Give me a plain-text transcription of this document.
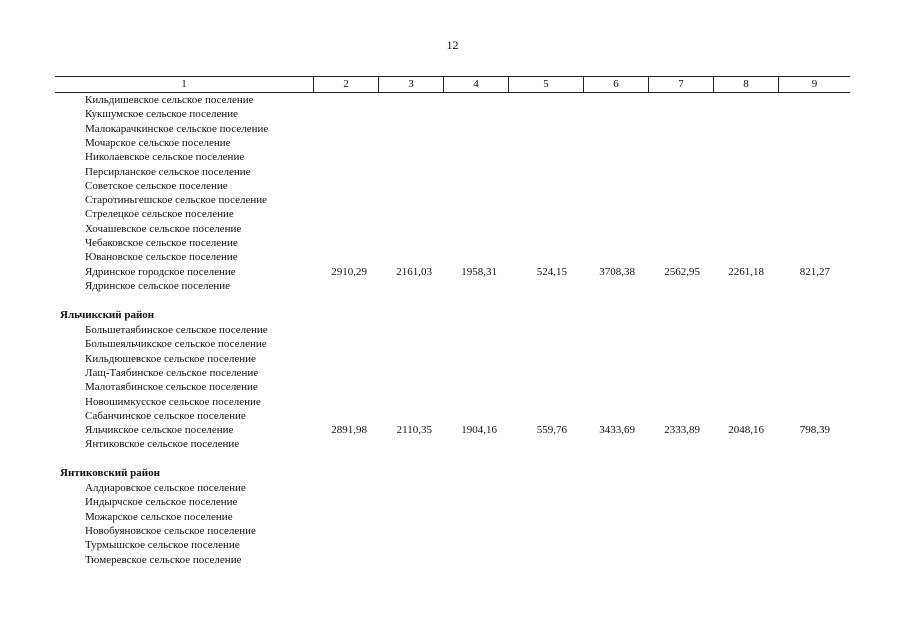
12
1	2	3	4	5	6	7	8	9
Кильдишевское сельское поселение
Кукшумское сельское поселение
Малокарачкинское сельское поселение
Мочарское сельское поселение
Николаевское сельское поселение
Персирланское сельское поселение
Советское сельское поселение
Старотиньгешское сельское поселение
Стрелецкое сельское поселение
Хочашевское сельское поселение
Чебаковское сельское поселение
Ювановское сельское поселение
Ядринское городское поселение	2910,29	2161,03	1958,31	524,15	3708,38	2562,95	2261,18	821,27
Ядринское сельское поселение
Яльчикский район
Большетаябинское сельское поселение
Большеяльчикское сельское поселение
Кильдюшевское сельское поселение
Лащ-Таябинское сельское поселение
Малотаябинское сельское поселение
Новошимкусское сельское поселение
Сабанчинское сельское поселение
Яльчикское сельское поселение	2891,98	2110,35	1904,16	559,76	3433,69	2333,89	2048,16	798,39
Янтиковское сельское поселение
Янтиковский район
Алдиаровское сельское поселение
Индырчское сельское поселение
Можарское сельское поселение
Новобуяновское сельское поселение
Турмышское сельское поселение
Тюмеревское сельское поселение
